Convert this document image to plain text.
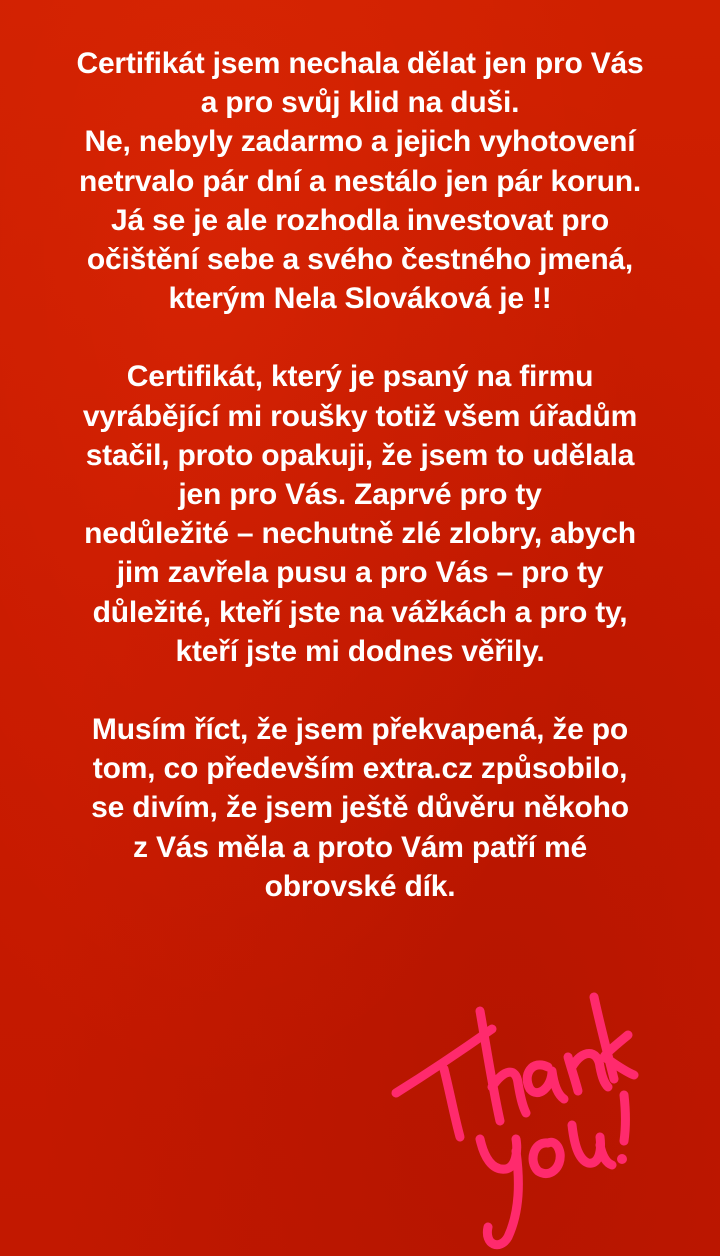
Certifikát jsem nechala dělat jen pro Vás
a pro svůj klid na duši.
Ne, nebyly zadarmo a jejich vyhotovení
netrvalo pár dní a nestálo jen pár korun.
Já se je ale rozhodla investovat pro
očištění sebe a svého čestného jmená,
kterým Nela Slováková je !!

Certifikát, který je psaný na firmu
vyrábějící mi roušky totiž všem úřadům
stačil, proto opakuji, že jsem to udělala
jen pro Vás. Zaprvé pro ty
nedůležité – nechutně zlé zlobry, abych
jim zavřela pusu a pro Vás – pro ty
důležité, kteří jste na vážkách a pro ty,
kteří jste mi dodnes věřily.

Musím říct, že jsem překvapená, že po
tom, co především extra.cz způsobilo,
se divím, že jsem ještě důvěru někoho
z Vás měla a proto Vám patří mé
obrovské dík.
